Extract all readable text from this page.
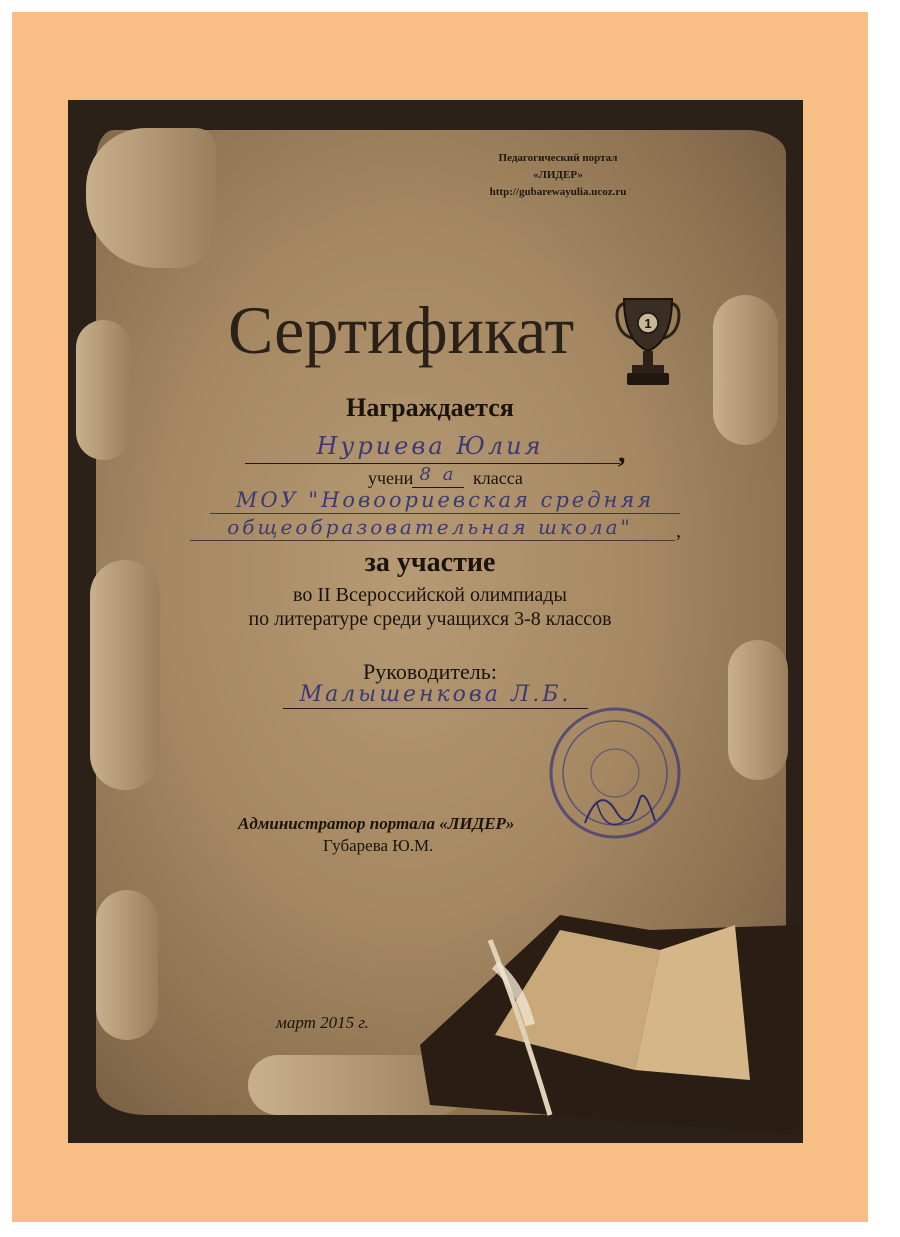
Педагогический портал
«ЛИДЕР»
http://gubarewayulia.ucoz.ru
Сертификат	1
Награждается
Нуриева Юлия	,
учени 8 а класса
МОУ "Новоориевская средняя
общеобразовательная школа"	,
за участие
во II Всероссийской олимпиады
по литературе среди учащихся 3-8 классов
Руководитель:
Малышенкова Л.Б.
Администратор портала «ЛИДЕР»
Губарева Ю.М.
март 2015 г.
